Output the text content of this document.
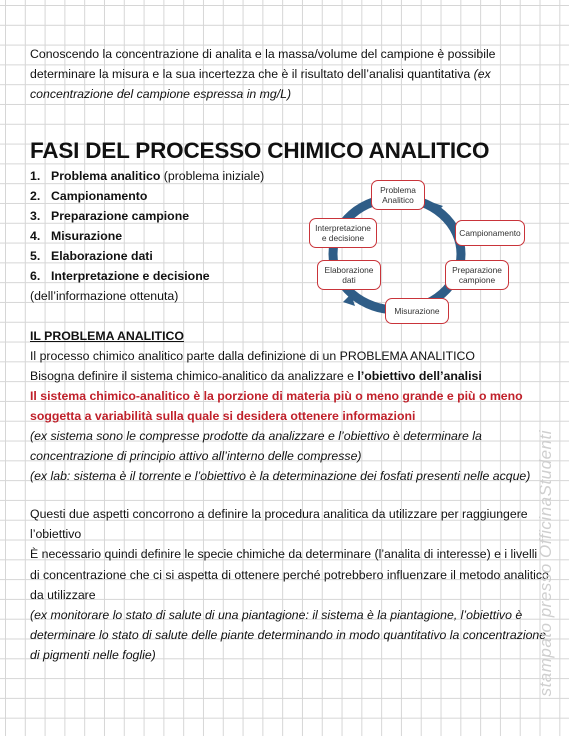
Conoscendo la concentrazione di analita e la massa/volume del campione è possibile determinare la misura e la sua incertezza che è il risultato dell’analisi quantitativa (ex concentrazione del campione espressa in mg/L)

FASI DEL PROCESSO CHIMICO ANALITICO
1. Problema analitico (problema iniziale)
2. Campionamento
3. Preparazione campione
4. Misurazione
5. Elaborazione dati
6. Interpretazione e decisione
(dell’informazione ottenuta)
Problema Analitico
Campionamento
Preparazione campione
Misurazione
Elaborazione dati
Interpretazione e decisione

IL PROBLEMA ANALITICO

Il processo chimico analitico parte dalla definizione di un PROBLEMA ANALITICO

Bisogna definire il sistema chimico-analitico da analizzare e l’obiettivo dell’analisi

Il sistema chimico-analitico è la porzione di materia più o meno grande e più o meno soggetta a variabilità sulla quale si desidera ottenere informazioni

(ex sistema sono le compresse prodotte da analizzare e l’obiettivo è determinare la concentrazione di principio attivo all’interno delle compresse)

(ex lab: sistema è il torrente e l’obiettivo è la determinazione dei fosfati presenti nelle acque)

Questi due aspetti concorrono a definire la procedura analitica da utilizzare per raggiungere l’obiettivo

È necessario quindi definire le specie chimiche da determinare (l’analita di interesse) e i livelli di concentrazione che ci si aspetta di ottenere perché potrebbero influenzare il metodo analitico da utilizzare

(ex monitorare lo stato di salute di una piantagione: il sistema è la piantagione, l’obiettivo è determinare lo stato di salute delle piante determinando in modo quantitativo la concentrazione di pigmenti nelle foglie)	stampato presso OfficinaStudenti
